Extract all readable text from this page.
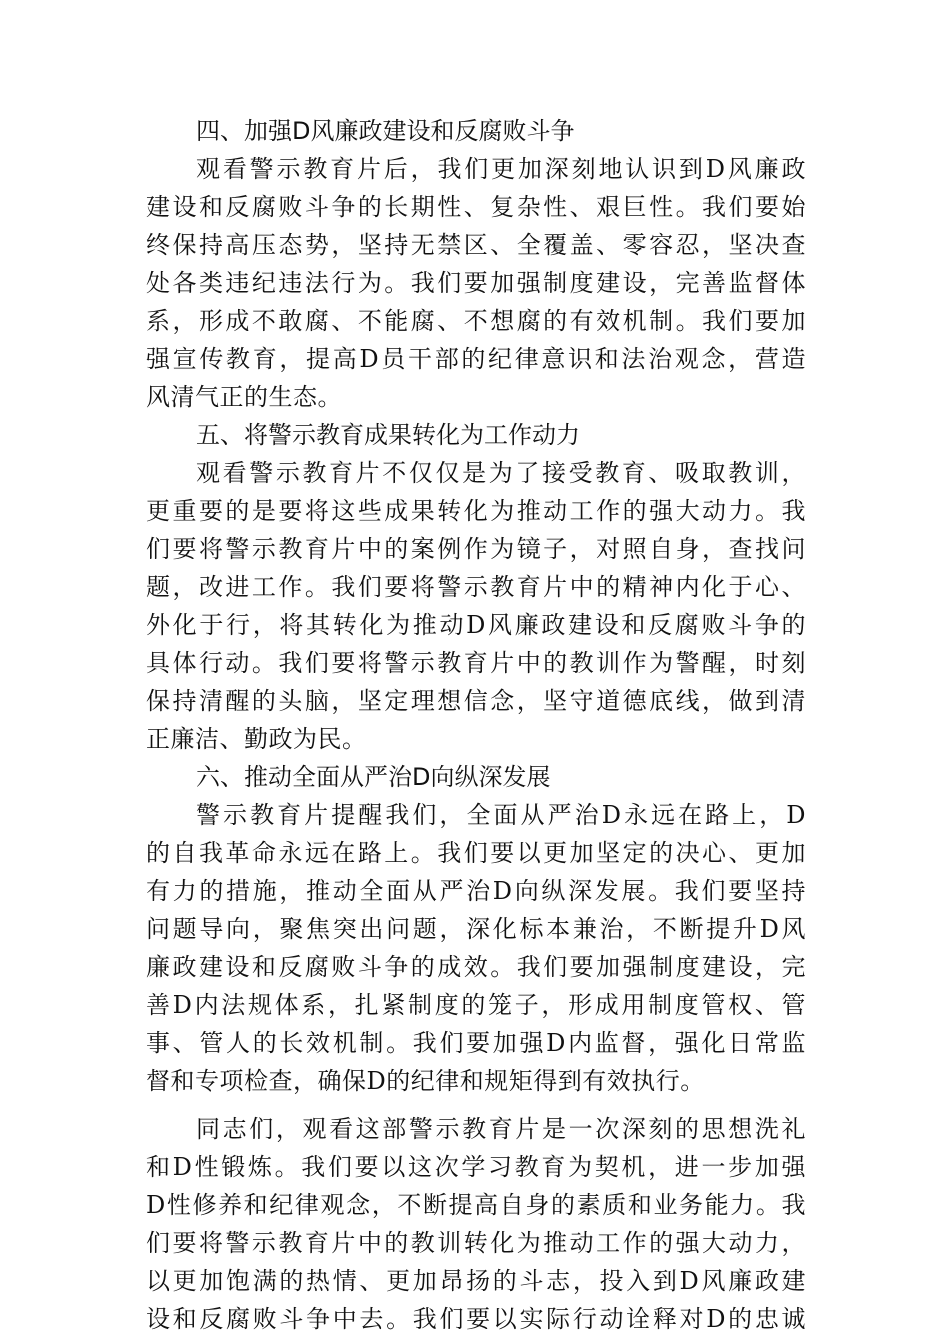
四、加强D风廉政建设和反腐败斗争
观看警示教育片后，我们更加深刻地认识到D风廉政
建设和反腐败斗争的长期性、复杂性、艰巨性。我们要始
终保持高压态势，坚持无禁区、全覆盖、零容忍，坚决查
处各类违纪违法行为。我们要加强制度建设，完善监督体
系，形成不敢腐、不能腐、不想腐的有效机制。我们要加
强宣传教育，提高D员干部的纪律意识和法治观念，营造
风清气正的生态。
五、将警示教育成果转化为工作动力
观看警示教育片不仅仅是为了接受教育、吸取教训，
更重要的是要将这些成果转化为推动工作的强大动力。我
们要将警示教育片中的案例作为镜子，对照自身，查找问
题，改进工作。我们要将警示教育片中的精神内化于心、
外化于行，将其转化为推动D风廉政建设和反腐败斗争的
具体行动。我们要将警示教育片中的教训作为警醒，时刻
保持清醒的头脑，坚定理想信念，坚守道德底线，做到清
正廉洁、勤政为民。
六、推动全面从严治D向纵深发展
警示教育片提醒我们，全面从严治D永远在路上，D
的自我革命永远在路上。我们要以更加坚定的决心、更加
有力的措施，推动全面从严治D向纵深发展。我们要坚持
问题导向，聚焦突出问题，深化标本兼治，不断提升D风
廉政建设和反腐败斗争的成效。我们要加强制度建设，完
善D内法规体系，扎紧制度的笼子，形成用制度管权、管
事、管人的长效机制。我们要加强D内监督，强化日常监
督和专项检查，确保D的纪律和规矩得到有效执行。
同志们，观看这部警示教育片是一次深刻的思想洗礼
和D性锻炼。我们要以这次学习教育为契机，进一步加强
D性修养和纪律观念，不断提高自身的素质和业务能力。我
们要将警示教育片中的教训转化为推动工作的强大动力，
以更加饱满的热情、更加昂扬的斗志，投入到D风廉政建
设和反腐败斗争中去。我们要以实际行动诠释对D的忠诚
